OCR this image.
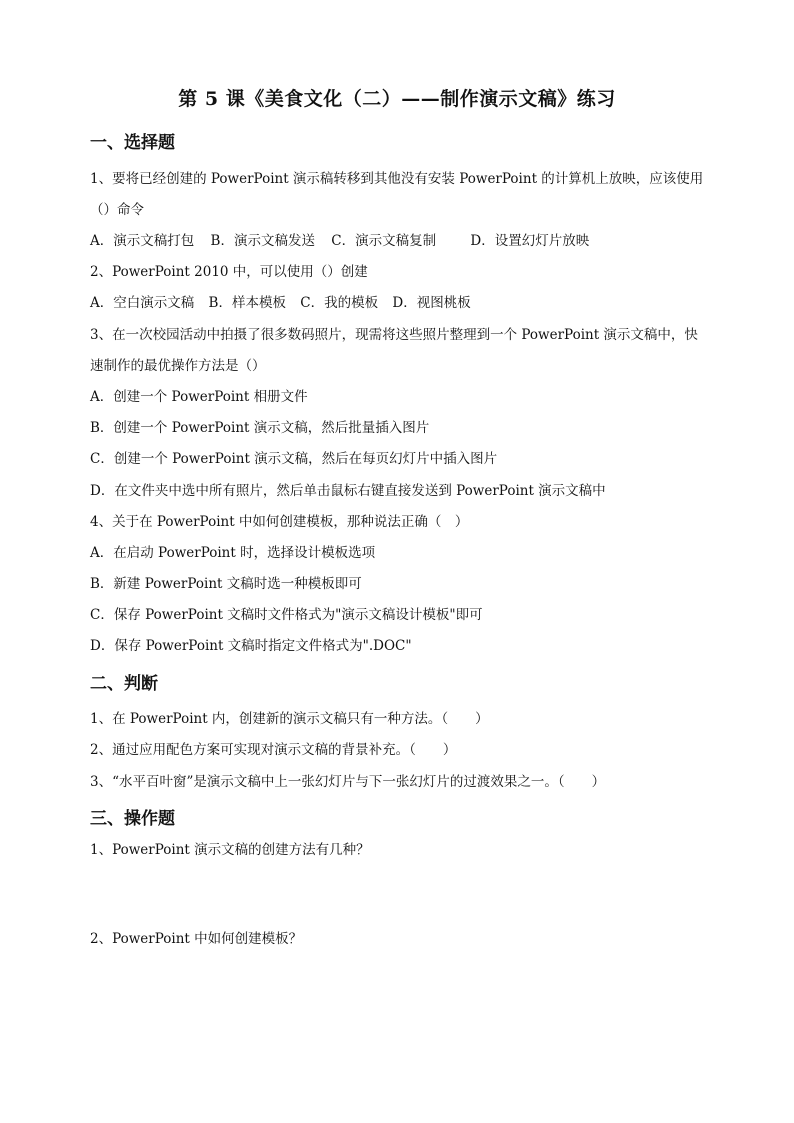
第 5 课《美食文化（二）——制作演示文稿》练习
一、选择题
1、要将已经创建的 PowerPoint 演示稿转移到其他没有安装 PowerPoint 的计算机上放映，应该使用
（）命令
A．演示文稿打包 B．演示文稿发送 C．演示文稿复制	D．设置幻灯片放映
2、PowerPoint 2010 中，可以使用（）创建
A．空白演示文稿 B．样本模板 C．我的模板 D．视图桃板
3、在一次校园活动中拍摄了很多数码照片，现需将这些照片整理到一个 PowerPoint 演示文稿中，快
速制作的最优操作方法是（）
A．创建一个 PowerPoint 相册文件
B．创建一个 PowerPoint 演示文稿，然后批量插入图片
C．创建一个 PowerPoint 演示文稿，然后在每页幻灯片中插入图片
D．在文件夹中选中所有照片，然后单击鼠标右键直接发送到 PowerPoint 演示文稿中
4、关于在 PowerPoint 中如何创建模板，那种说法正确（　）
A．在启动 PowerPoint 时，选择设计模板选项
B．新建 PowerPoint 文稿时选一种模板即可
C．保存 PowerPoint 文稿时文件格式为"演示文稿设计模板"即可
D．保存 PowerPoint 文稿时指定文件格式为".DOC"
二、判断
1、在 PowerPoint 内，创建新的演示文稿只有一种方法。（　　）
2、通过应用配色方案可实现对演示文稿的背景补充。（　　）
3、“水平百叶窗”是演示文稿中上一张幻灯片与下一张幻灯片的过渡效果之一。（　　）
三、操作题
1、PowerPoint 演示文稿的创建方法有几种？
2、PowerPoint 中如何创建模板？
